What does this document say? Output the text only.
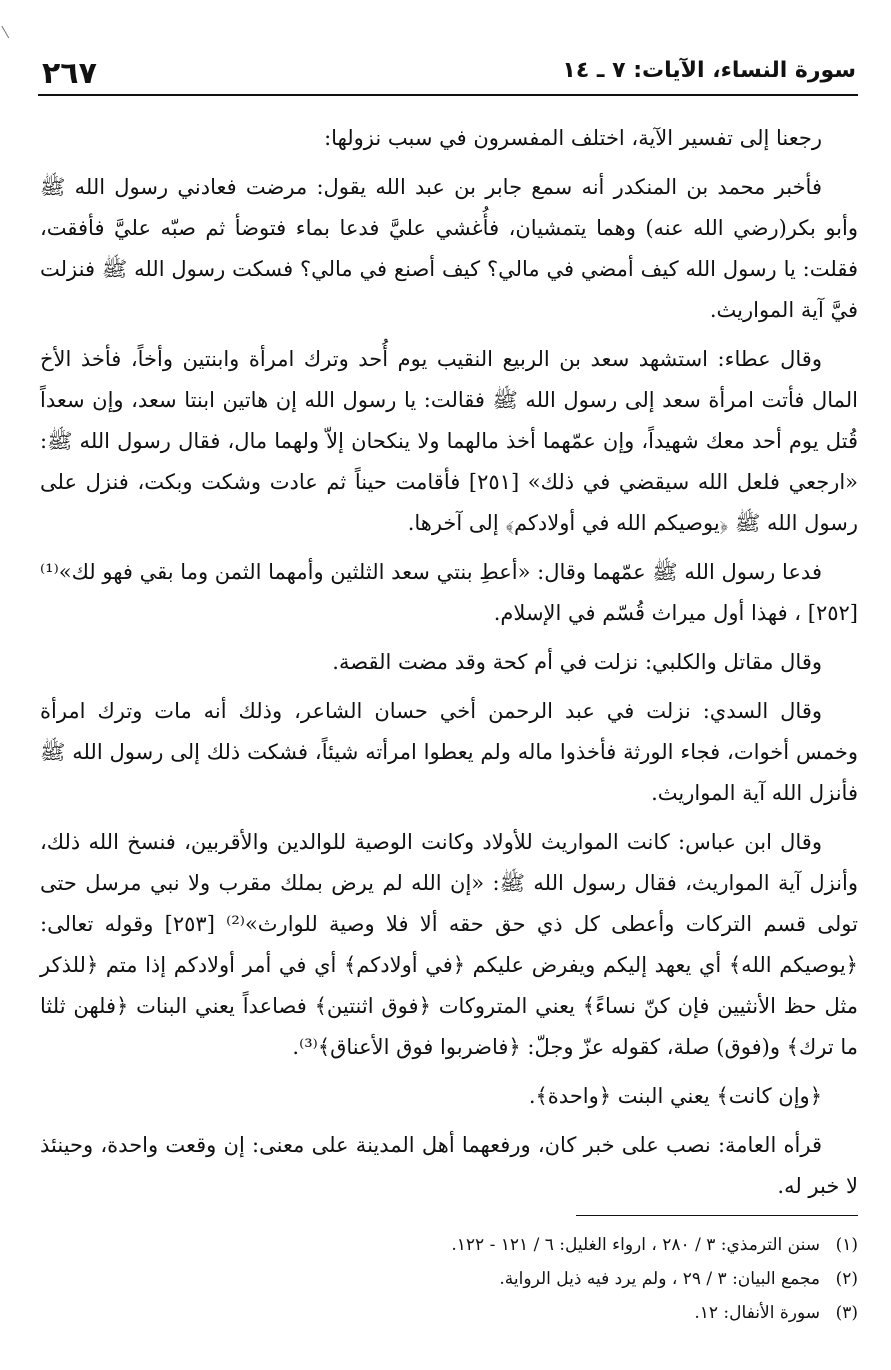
٢٦٧	سورة النساء، الآيات: ٧ ـ ١٤

رجعنا إلى تفسير الآية، اختلف المفسرون في سبب نزولها:

فأخبر محمد بن المنكدر أنه سمع جابر بن عبد الله يقول: مرضت فعادني رسول الله ﷺ وأبو بكر(رضي الله عنه) وهما يتمشيان، فأُغشي عليَّ فدعا بماء فتوضأ ثم صبّه عليَّ فأفقت، فقلت: يا رسول الله كيف أمضي في مالي؟ كيف أصنع في مالي؟ فسكت رسول الله ﷺ فنزلت فيَّ آية المواريث.

وقال عطاء: استشهد سعد بن الربيع النقيب يوم أُحد وترك امرأة وابنتين وأخاً، فأخذ الأخ المال فأتت امرأة سعد إلى رسول الله ﷺ فقالت: يا رسول الله إن هاتين ابنتا سعد، وإن سعداً قُتل يوم أحد معك شهيداً، وإن عمّهما أخذ مالهما ولا ينكحان إلاّ ولهما مال، فقال رسول الله ﷺ: «ارجعي فلعل الله سيقضي في ذلك» [٢٥١] فأقامت حيناً ثم عادت وشكت وبكت، فنزل على رسول الله ﷺ ﴿يوصيكم الله في أولادكم﴾ إلى آخرها.

فدعا رسول الله ﷺ عمّهما وقال: «أعطِ بنتي سعد الثلثين وأمهما الثمن وما بقي فهو لك»⁽¹⁾ [٢٥٢] ، فهذا أول ميراث قُسّم في الإسلام.

وقال مقاتل والكلبي: نزلت في أم كحة وقد مضت القصة.

وقال السدي: نزلت في عبد الرحمن أخي حسان الشاعر، وذلك أنه مات وترك امرأة وخمس أخوات، فجاء الورثة فأخذوا ماله ولم يعطوا امرأته شيئاً، فشكت ذلك إلى رسول الله ﷺ فأنزل الله آية المواريث.

وقال ابن عباس: كانت المواريث للأولاد وكانت الوصية للوالدين والأقربين، فنسخ الله ذلك، وأنزل آية المواريث، فقال رسول الله ﷺ: «إن الله لم يرض بملك مقرب ولا نبي مرسل حتى تولى قسم التركات وأعطى كل ذي حق حقه ألا فلا وصية للوارث»⁽²⁾ [٢٥٣] وقوله تعالى: ﴿يوصيكم الله﴾ أي يعهد إليكم ويفرض عليكم ﴿في أولادكم﴾ أي في أمر أولادكم إذا متم ﴿للذكر مثل حظ الأنثيين فإن كنّ نساءً﴾ يعني المتروكات ﴿فوق اثنتين﴾ فصاعداً يعني البنات ﴿فلهن ثلثا ما ترك﴾ و(فوق) صلة، كقوله عزّ وجلّ: ﴿فاضربوا فوق الأعناق﴾⁽³⁾.

﴿وإن كانت﴾ يعني البنت ﴿واحدة﴾.

قرأه العامة: نصب على خبر كان، ورفعهما أهل المدينة على معنى: إن وقعت واحدة، وحينئذ لا خبر له.

(١)سنن الترمذي: ٣ / ٢٨٠ ، ارواء الغليل: ٦ / ١٢١ - ١٢٢.
(٢)مجمع البيان: ٣ / ٢٩ ، ولم يرد فيه ذيل الرواية.
(٣)سورة الأنفال: ١٢.
